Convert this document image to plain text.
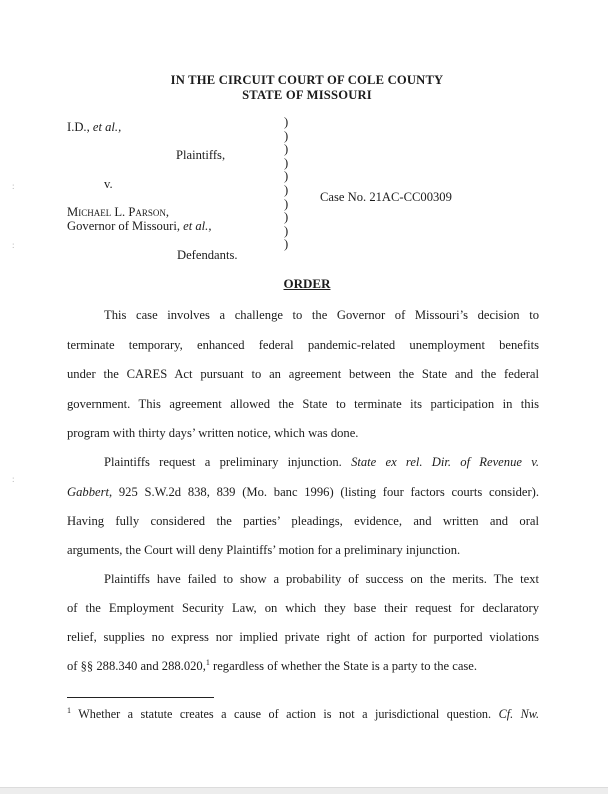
IN THE CIRCUIT COURT OF COLE COUNTY
STATE OF MISSOURI
I.D., et al.,
Plaintiffs,
v.
Michael L. Parson,
Governor of Missouri, et al.,
Defendants.
Case No. 21AC-CC00309
)
)
)
)
)
)
)
)
)
)
ORDER
This case involves a challenge to the Governor of Missouri’s decision to
terminate temporary, enhanced federal pandemic-related unemployment benefits
under the CARES Act pursuant to an agreement between the State and the federal
government. This agreement allowed the State to terminate its participation in this
program with thirty days’ written notice, which was done.
Plaintiffs request a preliminary injunction. State ex rel. Dir. of Revenue v.
Gabbert, 925 S.W.2d 838, 839 (Mo. banc 1996) (listing four factors courts consider).
Having fully considered the parties’ pleadings, evidence, and written and oral
arguments, the Court will deny Plaintiffs’ motion for a preliminary injunction.
Plaintiffs have failed to show a probability of success on the merits. The text
of the Employment Security Law, on which they base their request for declaratory
relief, supplies no express nor implied private right of action for purported violations
of §§ 288.340 and 288.020,$^1$ regardless of whether the State is a party to the case.
$^1$ Whether a statute creates a cause of action is not a jurisdictional question. Cf. Nw.
:
:
:
